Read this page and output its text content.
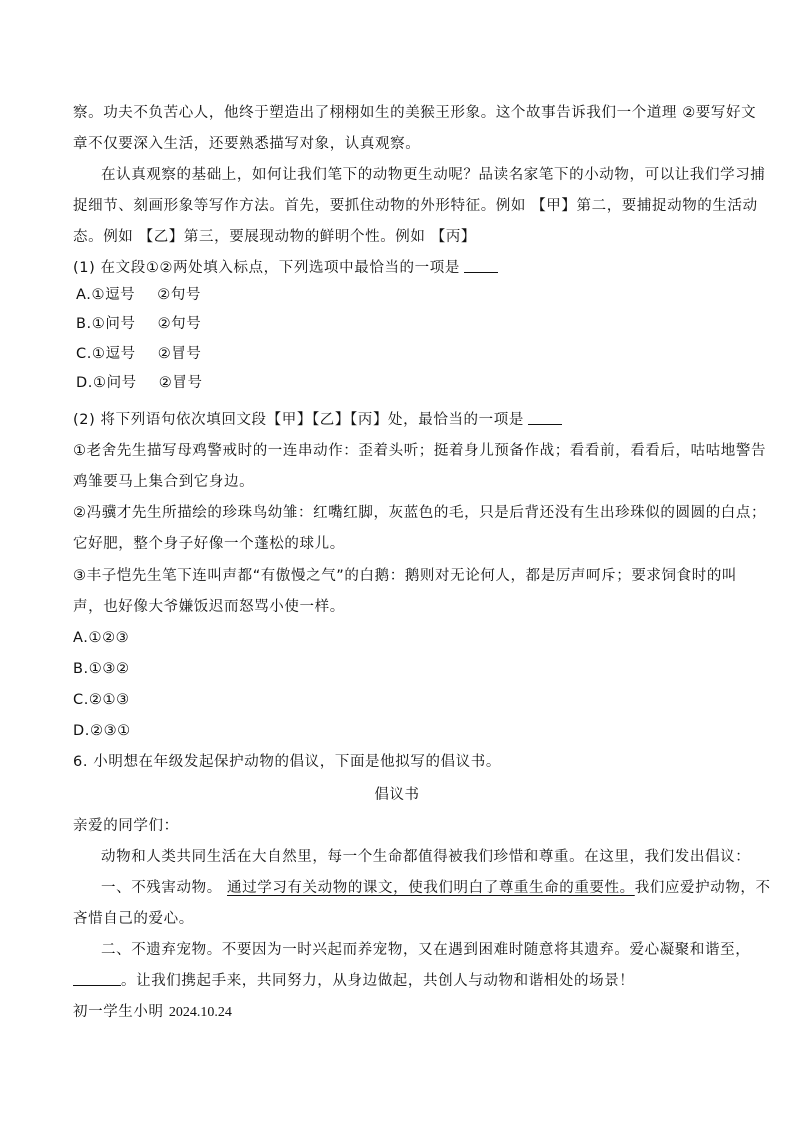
察。功夫不负苦心人，他终于塑造出了栩栩如生的美猴王形象。这个故事告诉我们一个道理 ②要写好文
章不仅要深入生活，还要熟悉描写对象，认真观察。
在认真观察的基础上，如何让我们笔下的动物更生动呢？品读名家笔下的小动物，可以让我们学习捕
捉细节、刻画形象等写作方法。首先，要抓住动物的外形特征。例如 【甲】第二，要捕捉动物的生活动
态。例如 【乙】第三，要展现动物的鲜明个性。例如 【丙】
(1) 在文段①②两处填入标点，下列选项中最恰当的一项是
A.①逗号 ②句号
B.①问号 ②句号
C.①逗号 ②冒号
D.①问号 ②冒号
(2) 将下列语句依次填回文段【甲】【乙】【丙】处，最恰当的一项是
①老舍先生描写母鸡警戒时的一连串动作：歪着头听；挺着身儿预备作战；看看前，看看后，咕咕地警告
鸡雏要马上集合到它身边。
②冯骥才先生所描绘的珍珠鸟幼雏：红嘴红脚，灰蓝色的毛，只是后背还没有生出珍珠似的圆圆的白点；
它好肥，整个身子好像一个蓬松的球儿。
③丰子恺先生笔下连叫声都“有傲慢之气”的白鹅：鹅则对无论何人，都是厉声呵斥；要求饲食时的叫
声，也好像大爷嫌饭迟而怒骂小使一样。
A.①②③
B.①③②
C.②①③
D.②③①
6. 小明想在年级发起保护动物的倡议，下面是他拟写的倡议书。
倡议书
亲爱的同学们：
动物和人类共同生活在大自然里，每一个生命都值得被我们珍惜和尊重。在这里，我们发出倡议：
一、不残害动物。 通过学习有关动物的课文，使我们明白了尊重生命的重要性。我们应爱护动物，不
吝惜自己的爱心。
二、不遗弃宠物。不要因为一时兴起而养宠物，又在遇到困难时随意将其遗弃。爱心凝聚和谐至，
。让我们携起手来，共同努力，从身边做起，共创人与动物和谐相处的场景！
初一学生小明 2024.10.24
